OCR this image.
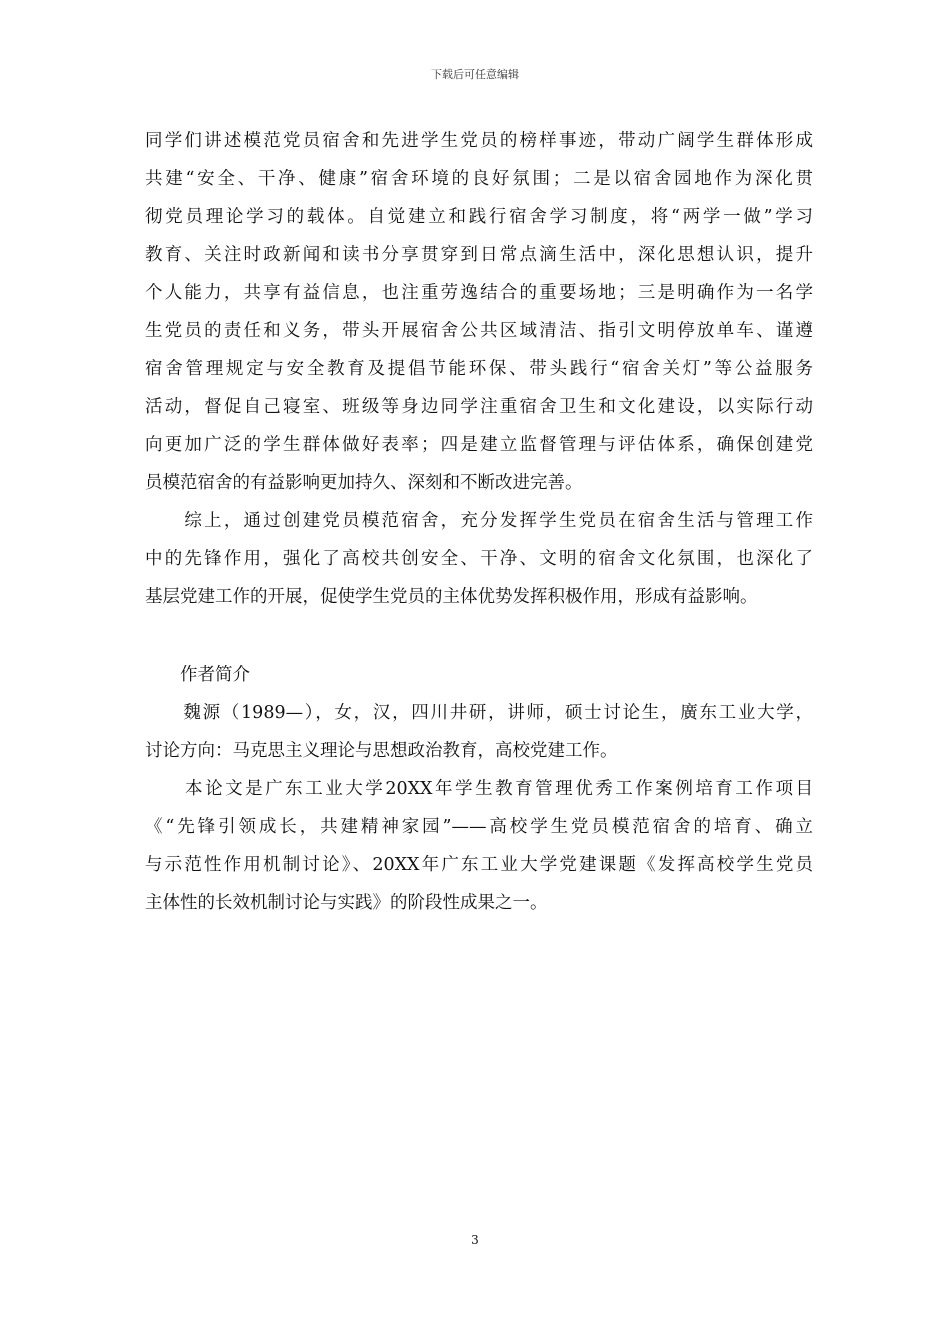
下载后可任意编辑
同学们讲述模范党员宿舍和先进学生党员的榜样事迹，带动广阔学生群体形成
共建“安全、干净、健康”宿舍环境的良好氛围；二是以宿舍园地作为深化贯
彻党员理论学习的载体。自觉建立和践行宿舍学习制度，将“两学一做”学习
教育、关注时政新闻和读书分享贯穿到日常点滴生活中，深化思想认识，提升
个人能力，共享有益信息，也注重劳逸结合的重要场地；三是明确作为一名学
生党员的责任和义务，带头开展宿舍公共区域清洁、指引文明停放单车、谨遵
宿舍管理规定与安全教育及提倡节能环保、带头践行“宿舍关灯”等公益服务
活动，督促自己寝室、班级等身边同学注重宿舍卫生和文化建设，以实际行动
向更加广泛的学生群体做好表率；四是建立监督管理与评估体系，确保创建党
员模范宿舍的有益影响更加持久、深刻和不断改进完善。
　　综上，通过创建党员模范宿舍，充分发挥学生党员在宿舍生活与管理工作
中的先锋作用，强化了高校共创安全、干净、文明的宿舍文化氛围，也深化了
基层党建工作的开展，促使学生党员的主体优势发挥积极作用，形成有益影响。
　　作者简介
　　魏源（1989—），女，汉，四川井研，讲师，硕士讨论生，廣东工业大学，
讨论方向：马克思主义理论与思想政治教育，高校党建工作。
　　本论文是广东工业大学20XX年学生教育管理优秀工作案例培育工作项目
《“先锋引领成长，共建精神家园”——高校学生党员模范宿舍的培育、确立
与示范性作用机制讨论》、20XX年广东工业大学党建课题《发挥高校学生党员
主体性的长效机制讨论与实践》的阶段性成果之一。
3
